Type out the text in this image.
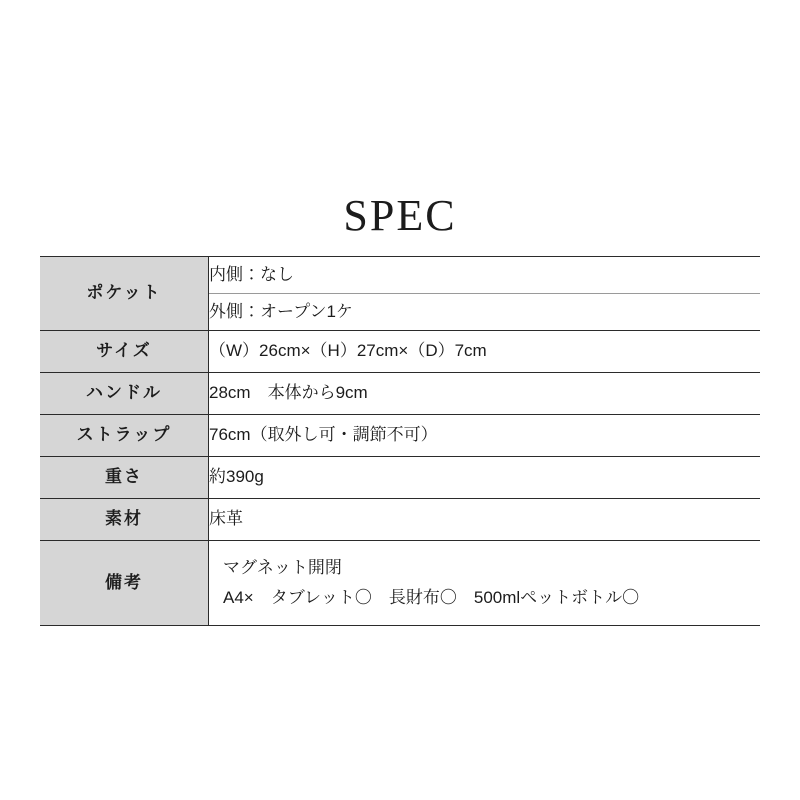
SPEC
ポケット	内側：なし
	外側：オープン1ケ
サイズ	（W）26cm×（H）27cm×（D）7cm
ハンドル	28cm　本体から9cm
ストラップ	76cm（取外し可・調節不可）
重さ	約390g
素材	床革
備考	マグネット開閉
A4×　タブレット〇　長財布〇　500mlペットボトル〇
